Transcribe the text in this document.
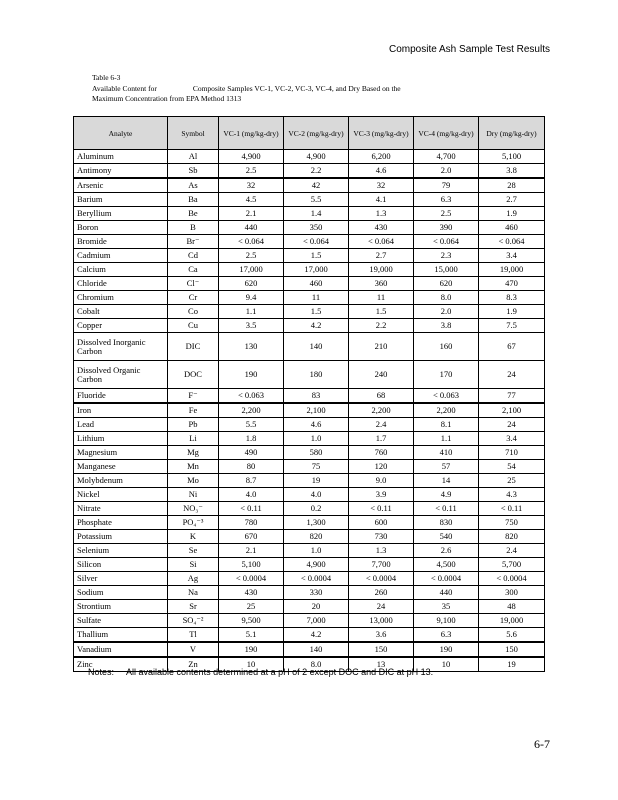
Composite Ash Sample Test Results
Table 6-3
Available Content for	Composite Samples VC-1, VC-2, VC-3, VC-4, and Dry Based on the
Maximum Concentration from EPA Method 1313
Analyte	Symbol	VC-1 (mg/kg-dry)	VC-2 (mg/kg-dry)	VC-3 (mg/kg-dry)	VC-4 (mg/kg-dry)	Dry (mg/kg-dry)
Aluminum	Al	4,900	4,900	6,200	4,700	5,100
Antimony	Sb	2.5	2.2	4.6	2.0	3.8
Arsenic	As	32	42	32	79	28
Barium	Ba	4.5	5.5	4.1	6.3	2.7
Beryllium	Be	2.1	1.4	1.3	2.5	1.9
Boron	B	440	350	430	390	460
Bromide	Br⁻	< 0.064	< 0.064	< 0.064	< 0.064	< 0.064
Cadmium	Cd	2.5	1.5	2.7	2.3	3.4
Calcium	Ca	17,000	17,000	19,000	15,000	19,000
Chloride	Cl⁻	620	460	360	620	470
Chromium	Cr	9.4	11	11	8.0	8.3
Cobalt	Co	1.1	1.5	1.5	2.0	1.9
Copper	Cu	3.5	4.2	2.2	3.8	7.5
Dissolved Inorganic Carbon	DIC	130	140	210	160	67
Dissolved Organic Carbon	DOC	190	180	240	170	24
Fluoride	F⁻	< 0.063	83	68	< 0.063	77
Iron	Fe	2,200	2,100	2,200	2,200	2,100
Lead	Pb	5.5	4.6	2.4	8.1	24
Lithium	Li	1.8	1.0	1.7	1.1	3.4
Magnesium	Mg	490	580	760	410	710
Manganese	Mn	80	75	120	57	54
Molybdenum	Mo	8.7	19	9.0	14	25
Nickel	Ni	4.0	4.0	3.9	4.9	4.3
Nitrate	NO₃⁻	< 0.11	0.2	< 0.11	< 0.11	< 0.11
Phosphate	PO₄⁻³	780	1,300	600	830	750
Potassium	K	670	820	730	540	820
Selenium	Se	2.1	1.0	1.3	2.6	2.4
Silicon	Si	5,100	4,900	7,700	4,500	5,700
Silver	Ag	< 0.0004	< 0.0004	< 0.0004	< 0.0004	< 0.0004
Sodium	Na	430	330	260	440	300
Strontium	Sr	25	20	24	35	48
Sulfate	SO₄⁻²	9,500	7,000	13,000	9,100	19,000
Thallium	Tl	5.1	4.2	3.6	6.3	5.6
Vanadium	V	190	140	150	190	150
Zinc	Zn	10	8.0	13	10	19
Notes: All available contents determined at a pH of 2 except DOC and DIC at pH 13.
6-7
